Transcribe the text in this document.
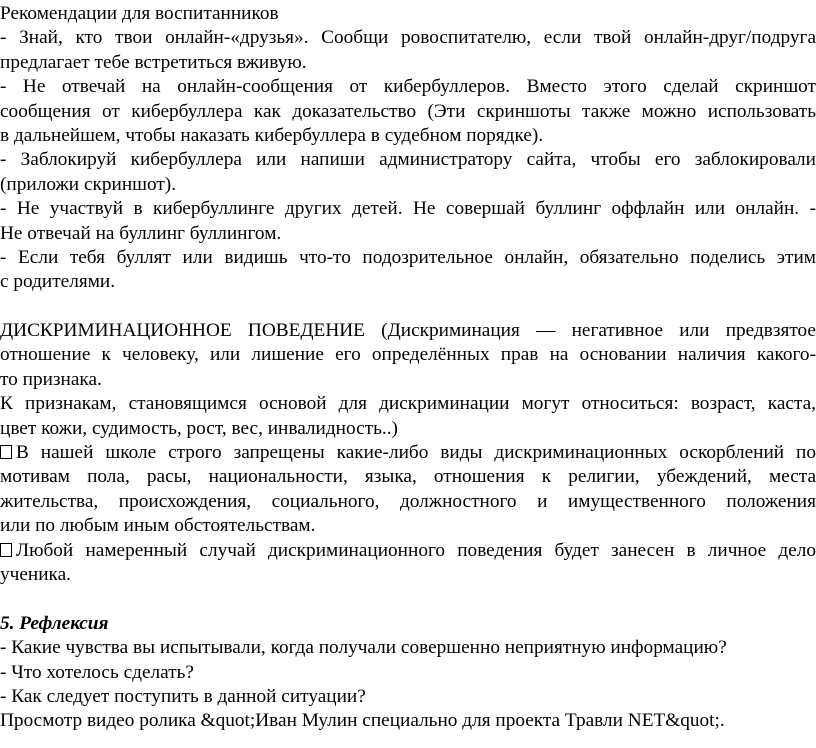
Рекомендации для воспитанников
- Знай, кто твои онлайн-«друзья». Сообщи ровоспитателю, если твой онлайн-друг/подруга
предлагает тебе встретиться вживую.
- Не отвечай на онлайн-сообщения от кибербуллеров. Вместо этого сделай скриншот
сообщения от кибербуллера как доказательство (Эти скриншоты также можно использовать
в дальнейшем, чтобы наказать кибербуллера в судебном порядке).
- Заблокируй кибербуллера или напиши администратору сайта, чтобы его заблокировали
(приложи скриншот).
- Не участвуй в кибербуллинге других детей. Не совершай буллинг оффлайн или онлайн. -
Не отвечай на буллинг буллингом.
- Если тебя буллят или видишь что-то подозрительное онлайн, обязательно поделись этим
с родителями.
ДИСКРИМИНАЦИОННОЕ ПОВЕДЕНИЕ (Дискриминация — негативное или предвзятое
отношение к человеку, или лишение его определённых прав на основании наличия какого-
то признака.
К признакам, становящимся основой для дискриминации могут относиться: возраст, каста,
цвет кожи, судимость, рост, вес, инвалидность..)
В нашей школе строго запрещены какие-либо виды дискриминационных оскорблений по
мотивам пола, расы, национальности, языка, отношения к религии, убеждений, места
жительства, происхождения, социального, должностного и имущественного положения
или по любым иным обстоятельствам.
Любой намеренный случай дискриминационного поведения будет занесен в личное дело
ученика.
5. Рефлексия
- Какие чувства вы испытывали, когда получали совершенно неприятную информацию?
- Что хотелось сделать?
- Как следует поступить в данной ситуации?
Просмотр видео ролика &quot;Иван Мулин специально для проекта Травли NET&quot;.
